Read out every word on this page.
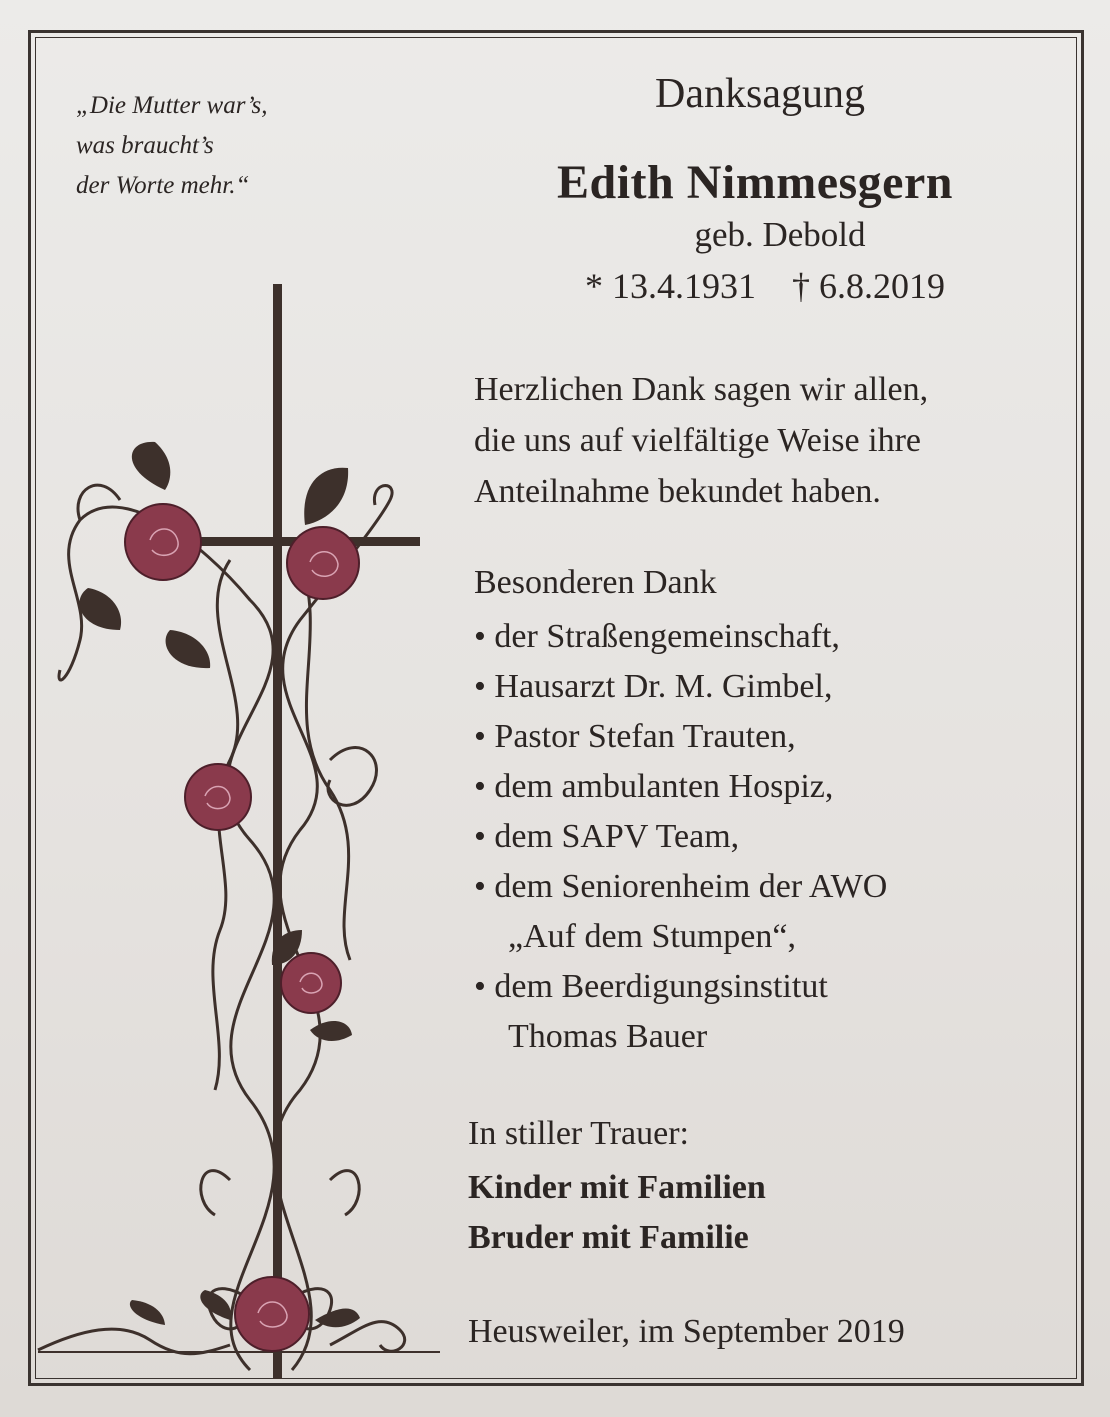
„Die Mutter war’s,
was braucht’s
der Worte mehr.“
Danksagung
Edith Nimmesgern
geb. Debold
* 13.4.1931 † 6.8.2019
Herzlichen Dank sagen wir allen,
die uns auf vielfältige Weise ihre
Anteilnahme bekundet haben.
Besonderen Dank
• der Straßengemeinschaft,
• Hausarzt Dr. M. Gimbel,
• Pastor Stefan Trauten,
• dem ambulanten Hospiz,
• dem SAPV Team,
• dem Seniorenheim der AWO
„Auf dem Stumpen“,
• dem Beerdigungsinstitut
Thomas Bauer
In stiller Trauer:
Kinder mit Familien
Bruder mit Familie
Heusweiler, im September 2019
